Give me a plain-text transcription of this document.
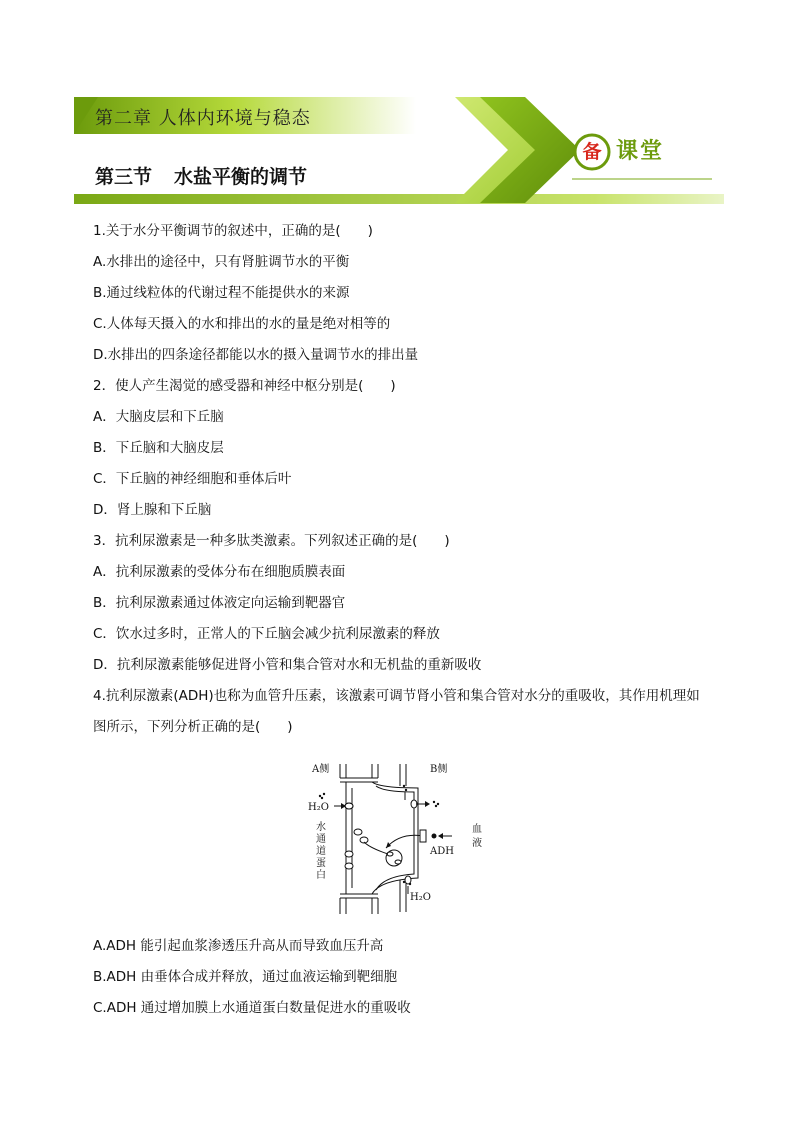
第二章 人体内环境与稳态
第三节 水盐平衡的调节
备 课堂
1.关于水分平衡调节的叙述中，正确的是(　　)
A.水排出的途径中，只有肾脏调节水的平衡
B.通过线粒体的代谢过程不能提供水的来源
C.人体每天摄入的水和排出的水的量是绝对相等的
D.水排出的四条途径都能以水的摄入量调节水的排出量
2．使人产生渴觉的感受器和神经中枢分别是(　　)
A．大脑皮层和下丘脑
B．下丘脑和大脑皮层
C．下丘脑的神经细胞和垂体后叶
D．肾上腺和下丘脑
3．抗利尿激素是一种多肽类激素。下列叙述正确的是(　　)
A．抗利尿激素的受体分布在细胞质膜表面
B．抗利尿激素通过体液定向运输到靶器官
C．饮水过多时，正常人的下丘脑会减少抗利尿激素的释放
D．抗利尿激素能够促进肾小管和集合管对水和无机盐的重新吸收
4.抗利尿激素(ADH)也称为血管升压素，该激素可调节肾小管和集合管对水分的重吸收，其作用机理如图所示，下列分析正确的是(　　)
A侧	B侧
H₂O
H₂O
ADH
水
通
道
蛋
白
血
液
A.ADH 能引起血浆渗透压升高从而导致血压升高
B.ADH 由垂体合成并释放，通过血液运输到靶细胞
C.ADH 通过增加膜上水通道蛋白数量促进水的重吸收
